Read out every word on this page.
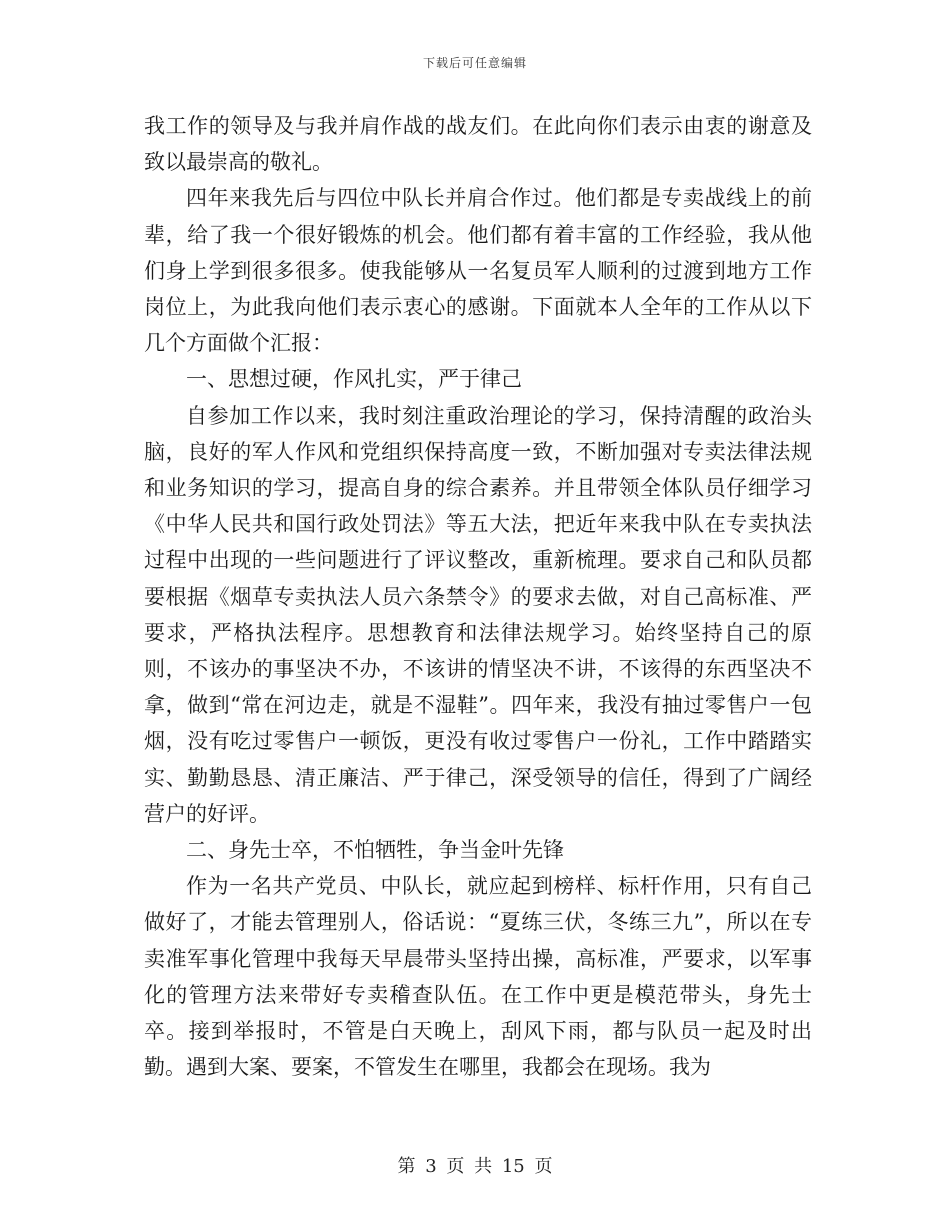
下载后可任意编辑

我工作的领导及与我并肩作战的战友们。在此向你们表示由衷的谢意及致以最崇高的敬礼。

四年来我先后与四位中队长并肩合作过。他们都是专卖战线上的前辈，给了我一个很好锻炼的机会。他们都有着丰富的工作经验，我从他们身上学到很多很多。使我能够从一名复员军人顺利的过渡到地方工作岗位上，为此我向他们表示衷心的感谢。下面就本人全年的工作从以下几个方面做个汇报：

一、思想过硬，作风扎实，严于律己

自参加工作以来，我时刻注重政治理论的学习，保持清醒的政治头脑，良好的军人作风和党组织保持高度一致，不断加强对专卖法律法规和业务知识的学习，提高自身的综合素养。并且带领全体队员仔细学习《中华人民共和国行政处罚法》等五大法，把近年来我中队在专卖执法过程中出现的一些问题进行了评议整改，重新梳理。要求自己和队员都要根据《烟草专卖执法人员六条禁令》的要求去做，对自己高标准、严要求，严格执法程序。思想教育和法律法规学习。始终坚持自己的原则，不该办的事坚决不办，不该讲的情坚决不讲，不该得的东西坚决不拿，做到“常在河边走，就是不湿鞋”。四年来，我没有抽过零售户一包烟，没有吃过零售户一顿饭，更没有收过零售户一份礼，工作中踏踏实实、勤勤恳恳、清正廉洁、严于律己，深受领导的信任，得到了广阔经营户的好评。

二、身先士卒，不怕牺牲，争当金叶先锋

作为一名共产党员、中队长，就应起到榜样、标杆作用，只有自己做好了，才能去管理别人，俗话说：“夏练三伏，冬练三九”，所以在专卖准军事化管理中我每天早晨带头坚持出操，高标准，严要求，以军事化的管理方法来带好专卖稽查队伍。在工作中更是模范带头，身先士卒。接到举报时，不管是白天晚上，刮风下雨，都与队员一起及时出勤。遇到大案、要案，不管发生在哪里，我都会在现场。我为

第 3 页 共 15 页
